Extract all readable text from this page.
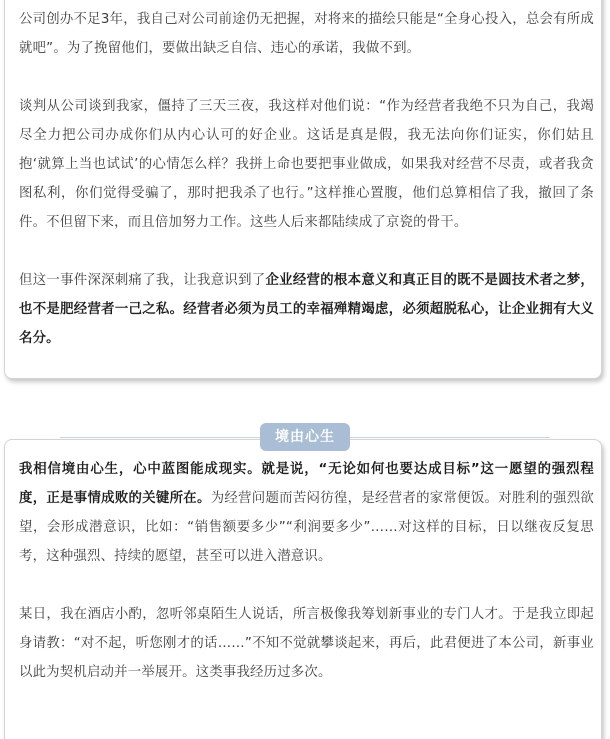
公司创办不足3年，我自己对公司前途仍无把握，对将来的描绘只能是“全身心投入，总会有所成就吧”。为了挽留他们，要做出缺乏自信、违心的承诺，我做不到。

谈判从公司谈到我家，僵持了三天三夜，我这样对他们说：“作为经营者我绝不只为自己，我竭尽全力把公司办成你们从内心认可的好企业。这话是真是假，我无法向你们证实，你们姑且抱‘就算上当也试试’的心情怎么样？我拼上命也要把事业做成，如果我对经营不尽责，或者我贪图私利，你们觉得受骗了，那时把我杀了也行。”这样推心置腹，他们总算相信了我，撤回了条件。不但留下来，而且倍加努力工作。这些人后来都陆续成了京瓷的骨干。

但这一事件深深刺痛了我，让我意识到了企业经营的根本意义和真正目的既不是圆技术者之梦，也不是肥经营者一己之私。经营者必须为员工的幸福殚精竭虑，必须超脱私心，让企业拥有大义名分。

境由心生

我相信境由心生，心中蓝图能成现实。就是说，“无论如何也要达成目标”这一愿望的强烈程度，正是事情成败的关键所在。为经营问题而苦闷彷徨，是经营者的家常便饭。对胜利的强烈欲望，会形成潜意识，比如：“销售额要多少”“利润要多少”……对这样的目标，日以继夜反复思考，这种强烈、持续的愿望，甚至可以进入潜意识。

某日，我在酒店小酌，忽听邻桌陌生人说话，所言极像我筹划新事业的专门人才。于是我立即起身请教：“对不起，听您刚才的话……”不知不觉就攀谈起来，再后，此君便进了本公司，新事业以此为契机启动并一举展开。这类事我经历过多次。
